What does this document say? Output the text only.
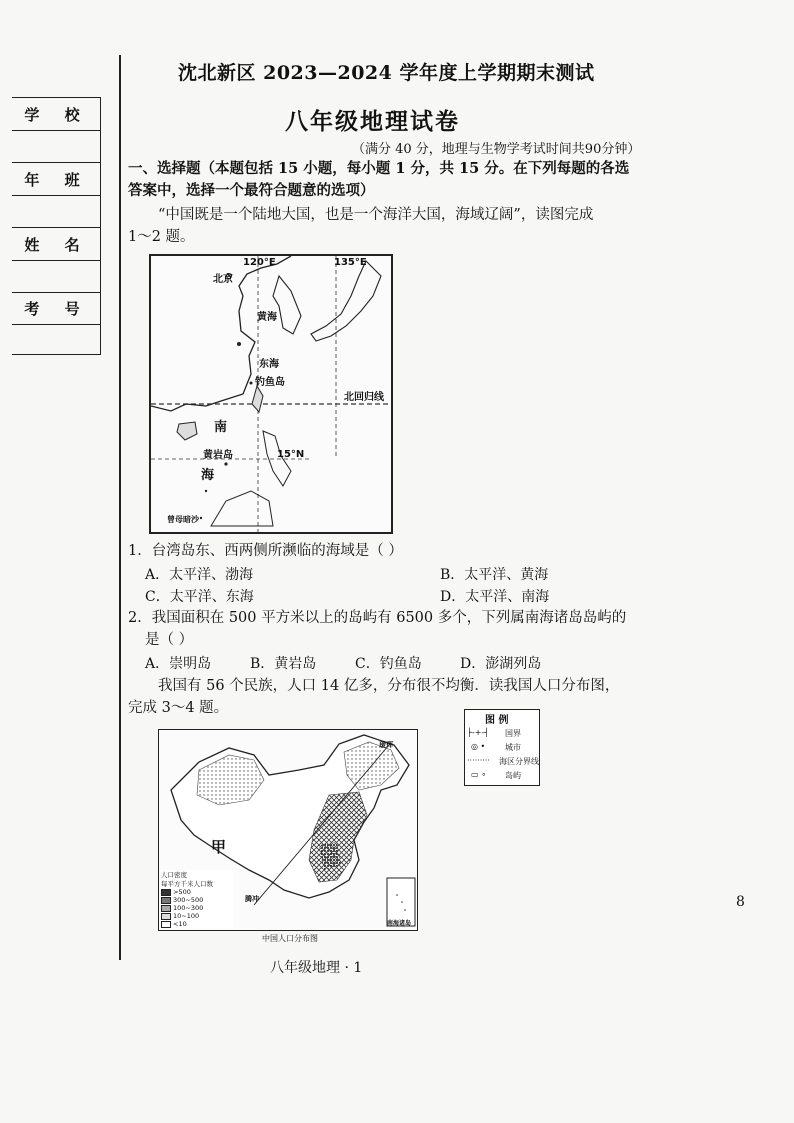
学 校
年 班
姓 名
考 号
沈北新区 2023—2024 学年度上学期期末测试
八年级地理试卷
（满分 40 分，地理与生物学考试时间共90分钟）
一、选择题（本题包括 15 小题，每小题 1 分，共 15 分。在下列每题的各选
答案中，选择一个最符合题意的选项）
“中国既是一个陆地大国，也是一个海洋大国，海域辽阔”，读图完成
1～2 题。
120°E	135°E
15°N
北京
黄海
东海
钓鱼岛
北回归线
南
海
黄岩岛
曾母暗沙
图 例
├-+-┤ 国界
◎ • 城市
········· 海区分界线
▭ ∘ 岛屿
1．台湾岛东、西两侧所濒临的海域是（ ）
A．太平洋、渤海	B．太平洋、黄海
C．太平洋、东海	D．太平洋、南海
2．我国面积在 500 平方米以上的岛屿有 6500 多个，下列属南海诸岛岛屿的
是（ ）
A．崇明岛	B．黄岩岛	C．钓鱼岛	D．澎湖列岛
我国有 56 个民族，人口 14 亿多，分布很不均衡．读我国人口分布图，
完成 3～4 题。
甲
瑷珲
腾冲
南海诸岛
人口密度
每平方千米人口数
>500
300~500
100~300
10~100
<10
中国人口分布图
8
八年级地理 · 1
